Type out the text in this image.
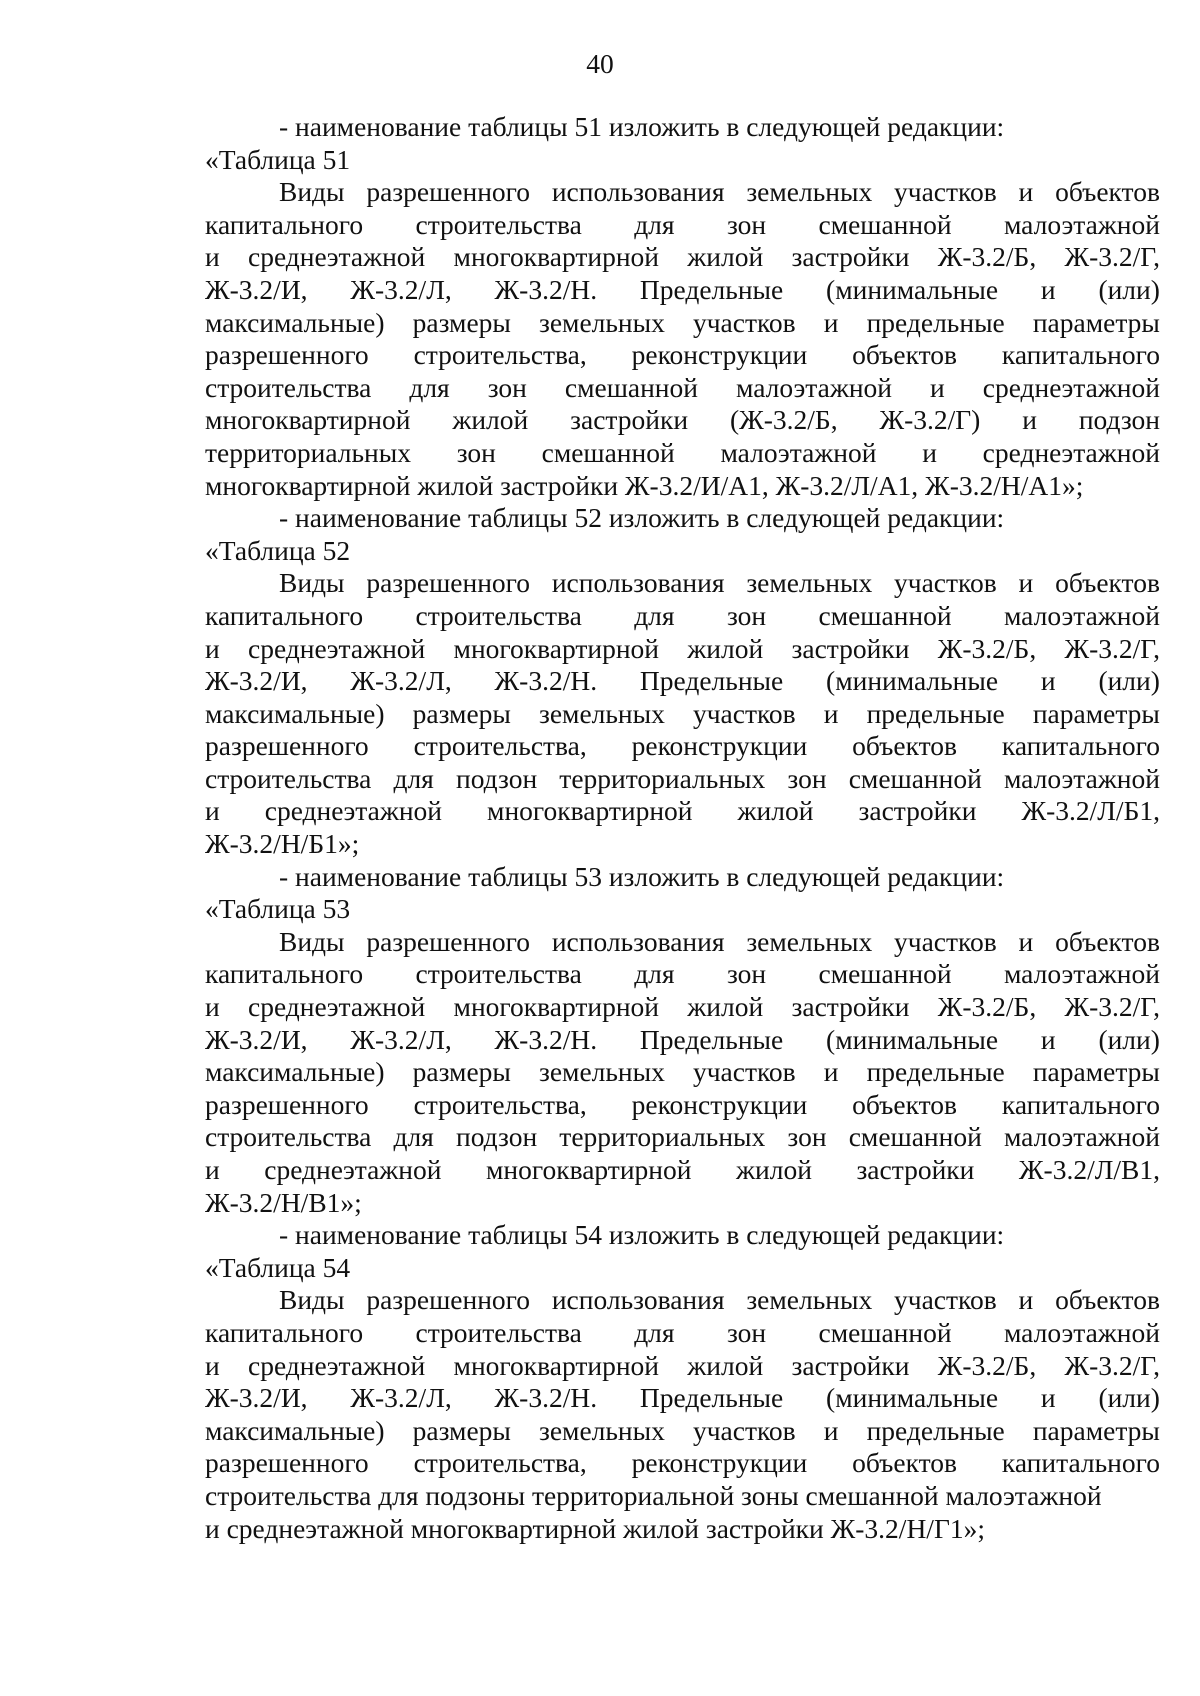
40
- наименование таблицы 51 изложить в следующей редакции:
«Таблица 51
Виды разрешенного использования земельных участков и объектов
капитального строительства для зон смешанной малоэтажной
и среднеэтажной многоквартирной жилой застройки Ж-3.2/Б, Ж-3.2/Г,
Ж-3.2/И, Ж-3.2/Л, Ж-3.2/Н. Предельные (минимальные и (или)
максимальные) размеры земельных участков и предельные параметры
разрешенного строительства, реконструкции объектов капитального
строительства для зон смешанной малоэтажной и среднеэтажной
многоквартирной жилой застройки (Ж-3.2/Б, Ж-3.2/Г) и подзон
территориальных зон смешанной малоэтажной и среднеэтажной
многоквартирной жилой застройки Ж-3.2/И/А1, Ж-3.2/Л/А1, Ж-3.2/Н/А1»;
- наименование таблицы 52 изложить в следующей редакции:
«Таблица 52
Виды разрешенного использования земельных участков и объектов
капитального строительства для зон смешанной малоэтажной
и среднеэтажной многоквартирной жилой застройки Ж-3.2/Б, Ж-3.2/Г,
Ж-3.2/И, Ж-3.2/Л, Ж-3.2/Н. Предельные (минимальные и (или)
максимальные) размеры земельных участков и предельные параметры
разрешенного строительства, реконструкции объектов капитального
строительства для подзон территориальных зон смешанной малоэтажной
и среднеэтажной многоквартирной жилой застройки Ж-3.2/Л/Б1,
Ж-3.2/Н/Б1»;
- наименование таблицы 53 изложить в следующей редакции:
«Таблица 53
Виды разрешенного использования земельных участков и объектов
капитального строительства для зон смешанной малоэтажной
и среднеэтажной многоквартирной жилой застройки Ж-3.2/Б, Ж-3.2/Г,
Ж-3.2/И, Ж-3.2/Л, Ж-3.2/Н. Предельные (минимальные и (или)
максимальные) размеры земельных участков и предельные параметры
разрешенного строительства, реконструкции объектов капитального
строительства для подзон территориальных зон смешанной малоэтажной
и среднеэтажной многоквартирной жилой застройки Ж-3.2/Л/В1,
Ж-3.2/Н/В1»;
- наименование таблицы 54 изложить в следующей редакции:
«Таблица 54
Виды разрешенного использования земельных участков и объектов
капитального строительства для зон смешанной малоэтажной
и среднеэтажной многоквартирной жилой застройки Ж-3.2/Б, Ж-3.2/Г,
Ж-3.2/И, Ж-3.2/Л, Ж-3.2/Н. Предельные (минимальные и (или)
максимальные) размеры земельных участков и предельные параметры
разрешенного строительства, реконструкции объектов капитального
строительства для подзоны территориальной зоны смешанной малоэтажной
и среднеэтажной многоквартирной жилой застройки Ж-3.2/Н/Г1»;
